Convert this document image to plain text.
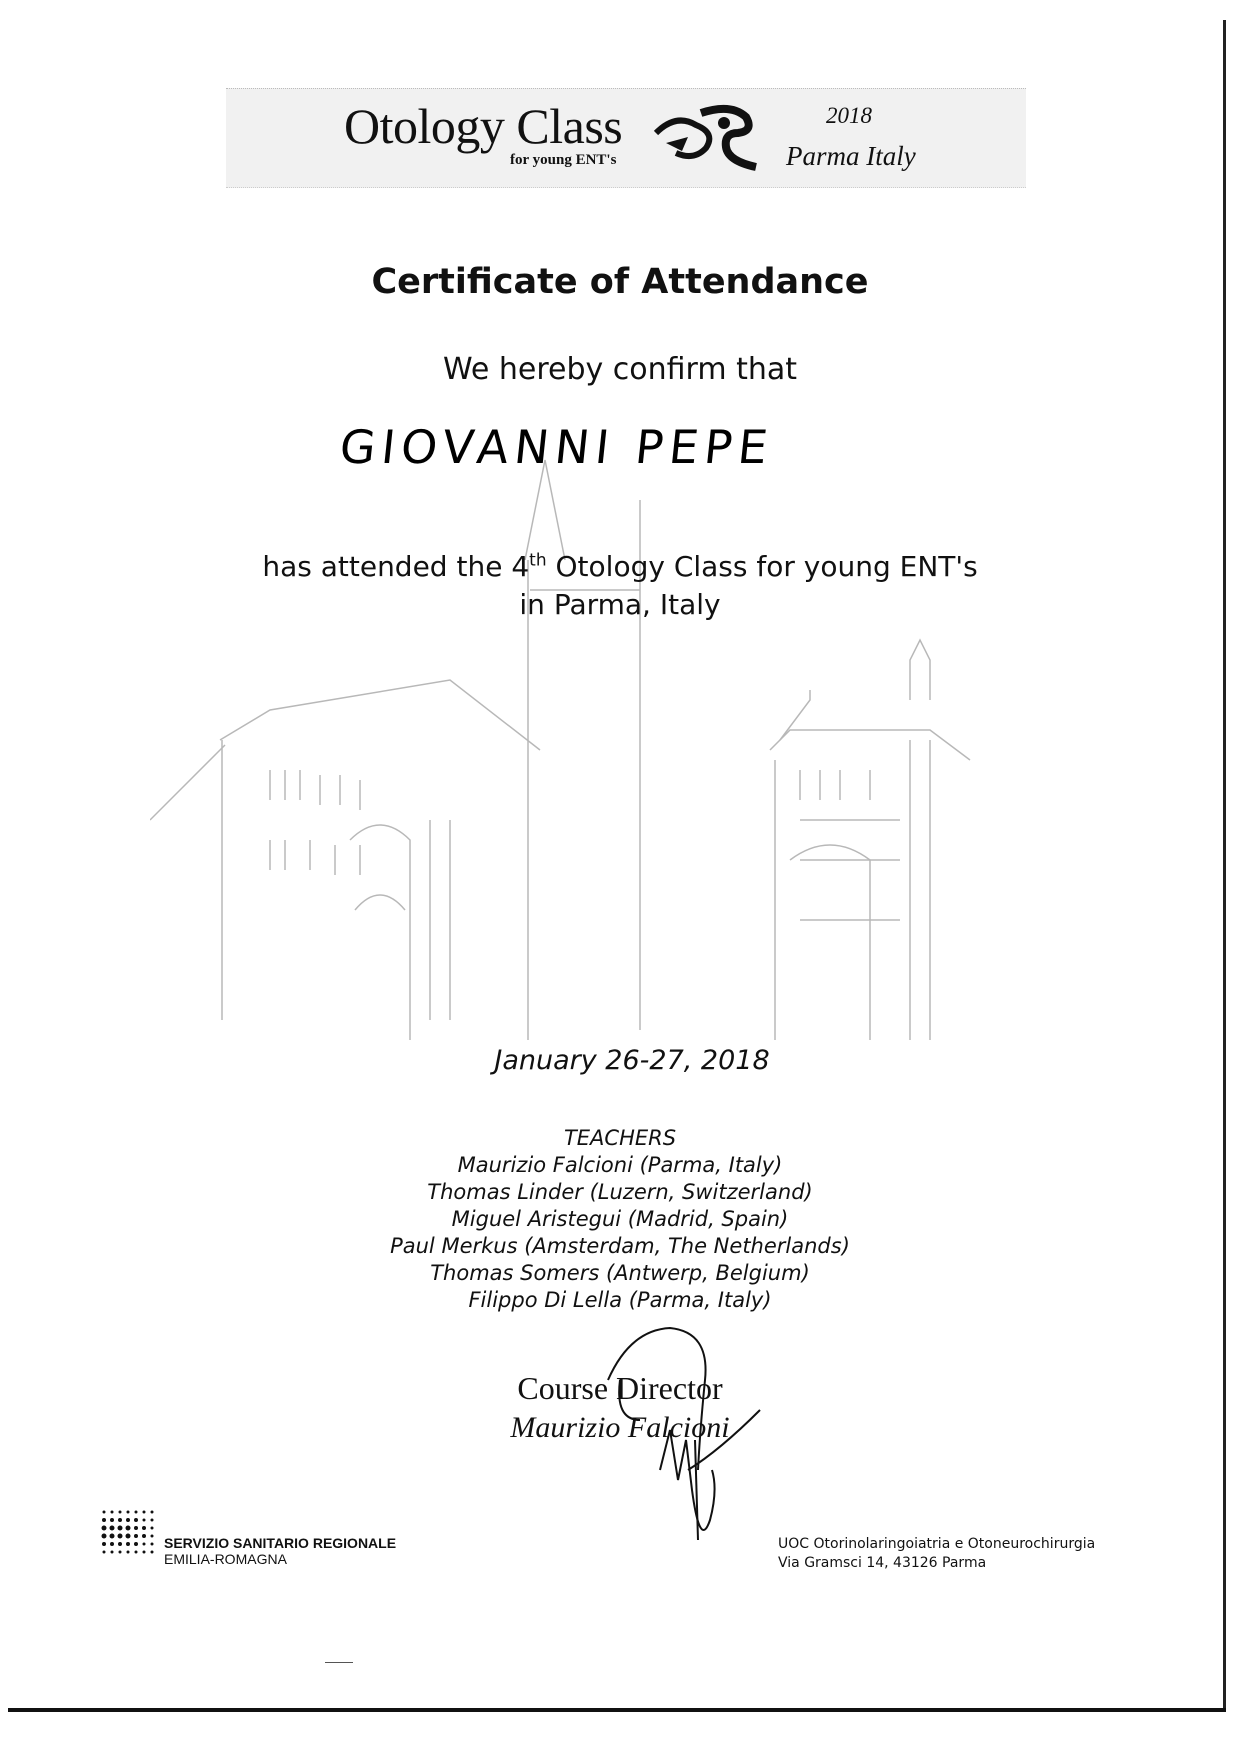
Otology Class
for young ENT's
2018
Parma Italy
Certificate of Attendance
We hereby confirm that
GIOVANNI PEPE
has attended the 4th Otology Class for young ENT's
in Parma, Italy
January 26-27, 2018
TEACHERS
Maurizio Falcioni (Parma, Italy)
Thomas Linder (Luzern, Switzerland)
Miguel Aristegui (Madrid, Spain)
Paul Merkus (Amsterdam, The Netherlands)
Thomas Somers (Antwerp, Belgium)
Filippo Di Lella (Parma, Italy)
Course Director
Maurizio Falcioni
SERVIZIO SANITARIO REGIONALE
EMILIA-ROMAGNA
UOC Otorinolaringoiatria e Otoneurochirurgia
Via Gramsci 14, 43126 Parma
